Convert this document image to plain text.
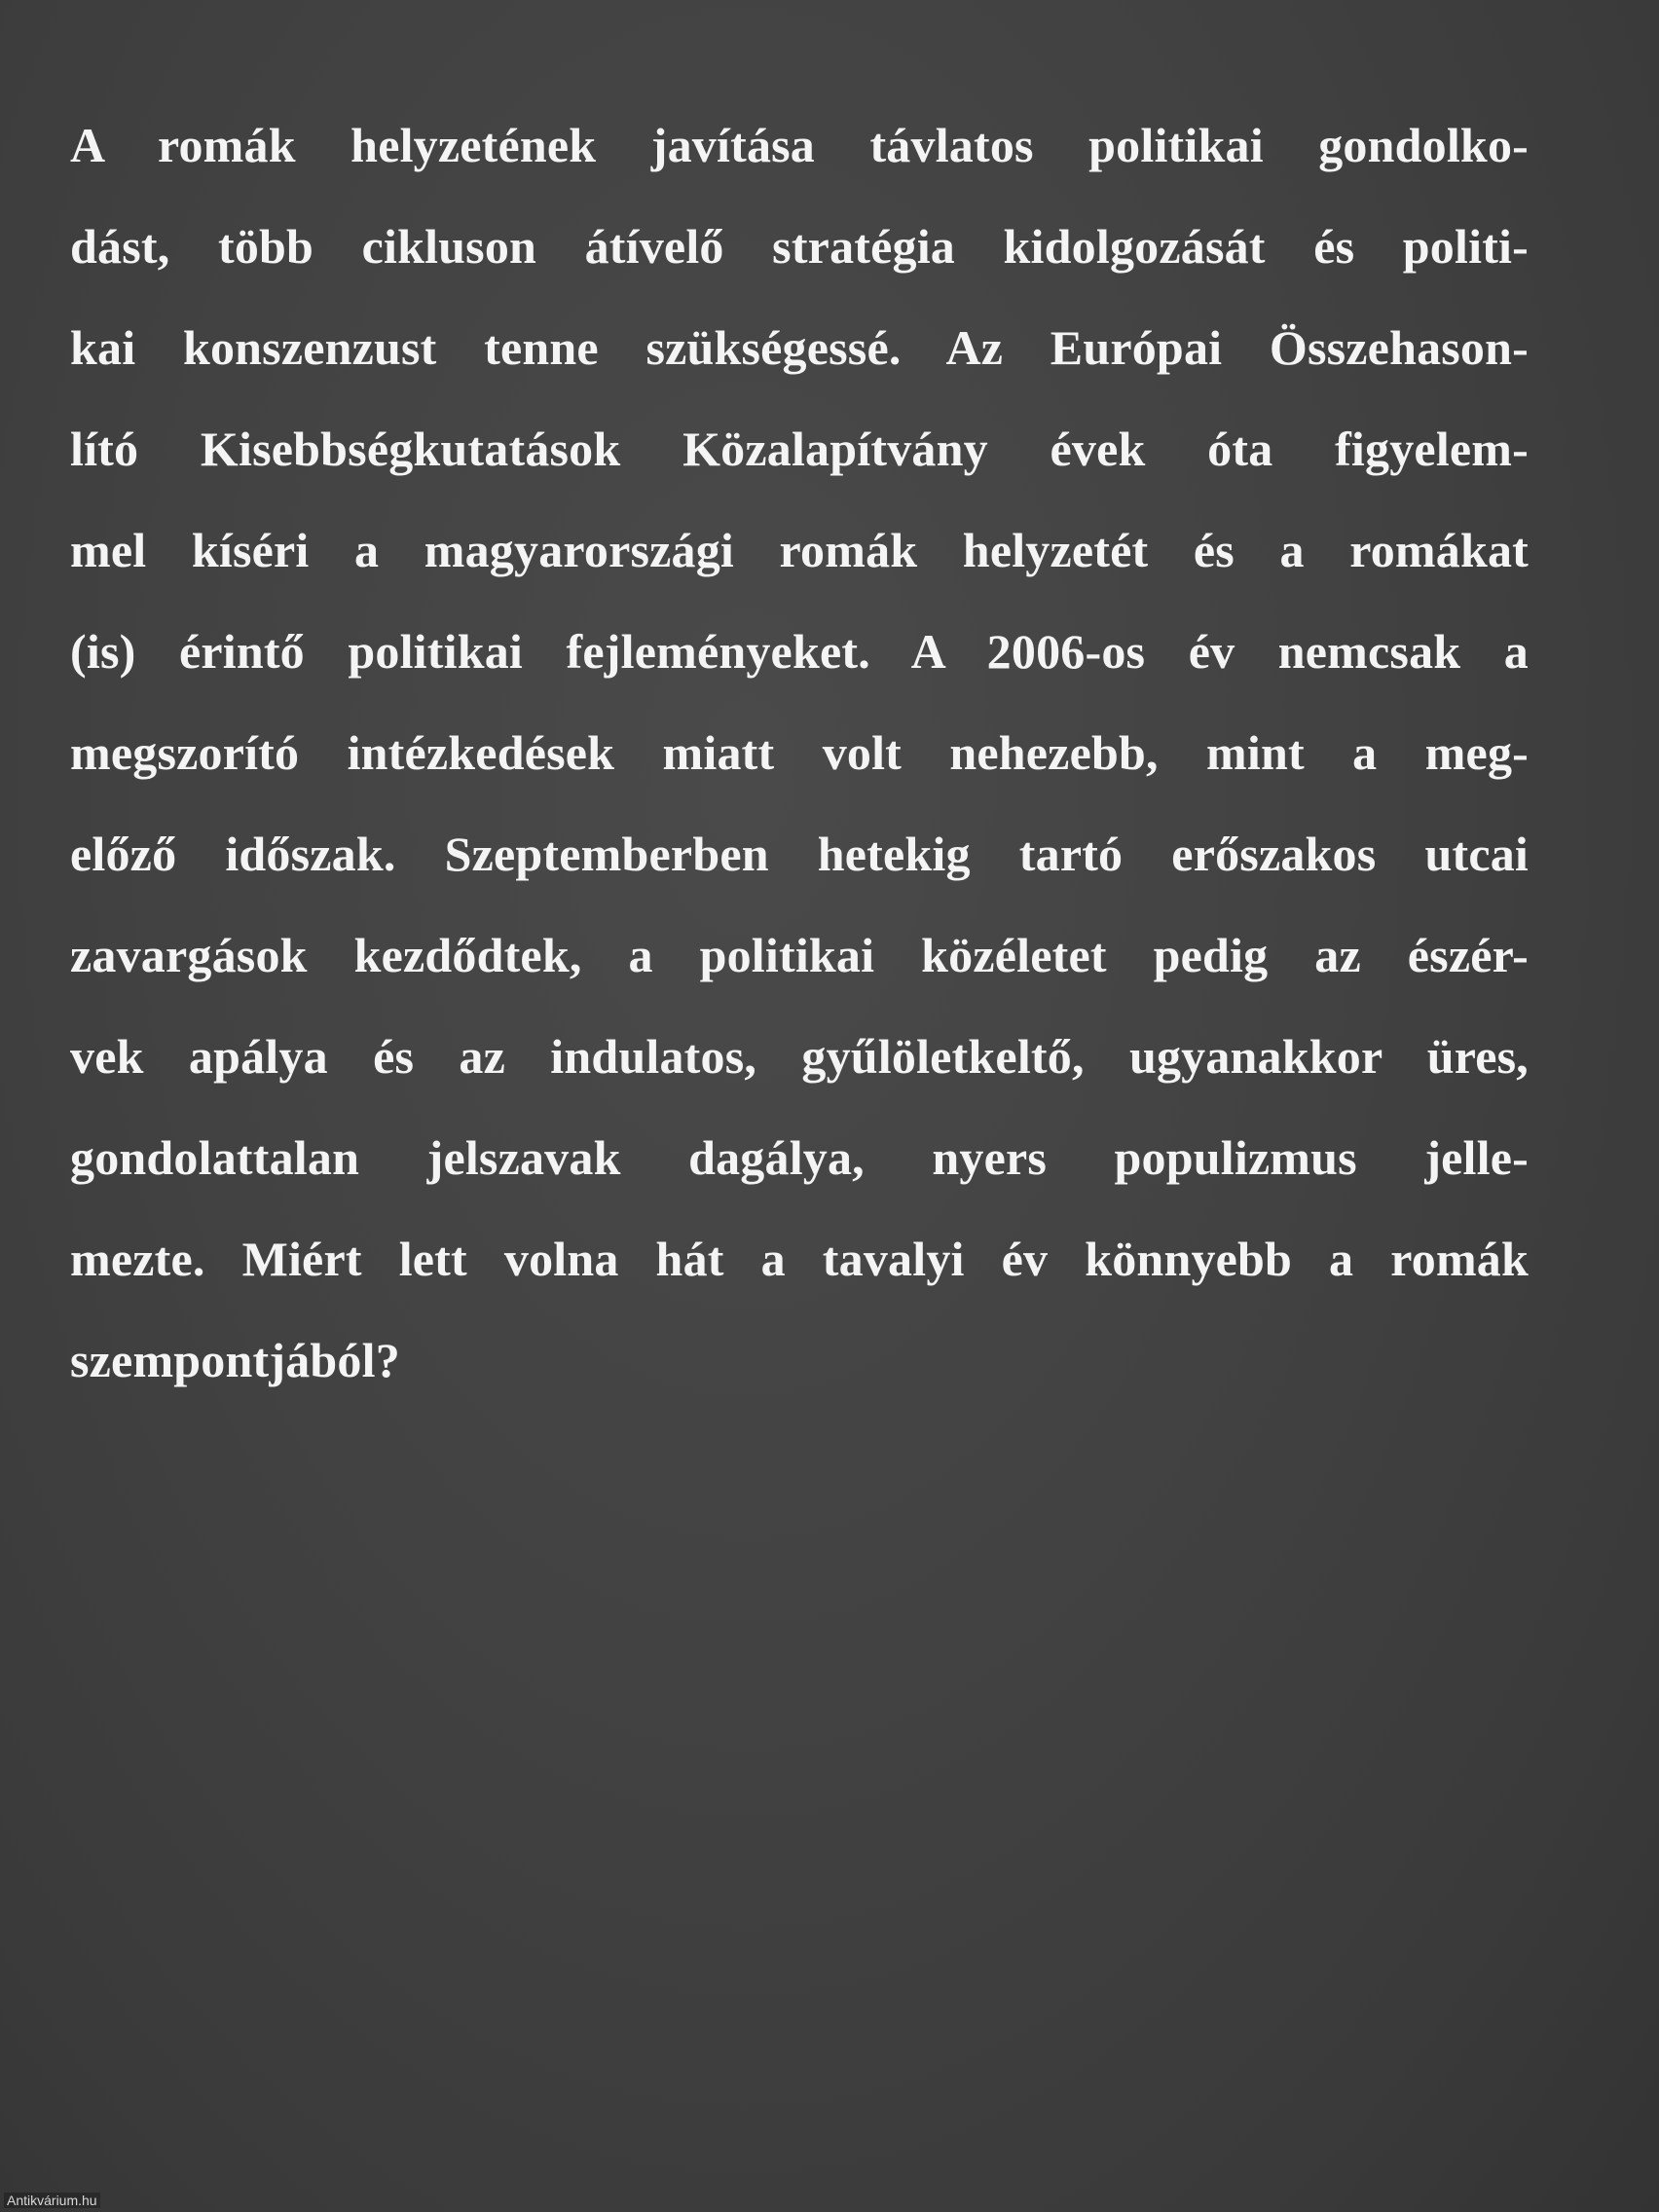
A romák helyzetének javítása távlatos politikai gondolko-
dást, több cikluson átívelő stratégia kidolgozását és politi-
kai konszenzust tenne szükségessé. Az Európai Összehason-
lító Kisebbségkutatások Közalapítvány évek óta figyelem-
mel kíséri a magyarországi romák helyzetét és a romákat
(is) érintő politikai fejleményeket. A 2006-os év nemcsak a
megszorító intézkedések miatt volt nehezebb, mint a meg-
előző időszak. Szeptemberben hetekig tartó erőszakos utcai
zavargások kezdődtek, a politikai közéletet pedig az észér-
vek apálya és az indulatos, gyűlöletkeltő, ugyanakkor üres,
gondolattalan jelszavak dagálya, nyers populizmus jelle-
mezte. Miért lett volna hát a tavalyi év könnyebb a romák
szempontjából?

Antikvárium.hu
